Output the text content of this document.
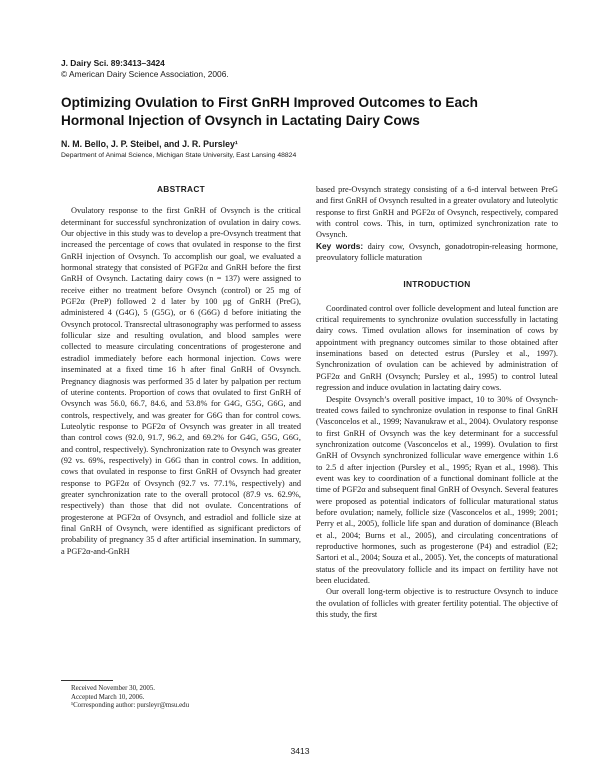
J. Dairy Sci. 89:3413–3424
© American Dairy Science Association, 2006.
Optimizing Ovulation to First GnRH Improved Outcomes to Each Hormonal Injection of Ovsynch in Lactating Dairy Cows
N. M. Bello, J. P. Steibel, and J. R. Pursley¹
Department of Animal Science, Michigan State University, East Lansing 48824
ABSTRACT

Ovulatory response to the first GnRH of Ovsynch is the critical determinant for successful synchronization of ovulation in dairy cows. Our objective in this study was to develop a pre-Ovsynch treatment that increased the percentage of cows that ovulated in response to the first GnRH injection of Ovsynch. To accomplish our goal, we evaluated a hormonal strategy that consisted of PGF2α and GnRH before the first GnRH of Ovsynch. Lactating dairy cows (n = 137) were assigned to receive either no treatment before Ovsynch (control) or 25 mg of PGF2α (PreP) followed 2 d later by 100 μg of GnRH (PreG), administered 4 (G4G), 5 (G5G), or 6 (G6G) d before initiating the Ovsynch protocol. Transrectal ultrasonography was performed to assess follicular size and resulting ovulation, and blood samples were collected to measure circulating concentrations of progesterone and estradiol immediately before each hormonal injection. Cows were inseminated at a fixed time 16 h after final GnRH of Ovsynch. Pregnancy diagnosis was performed 35 d later by palpation per rectum of uterine contents. Proportion of cows that ovulated to first GnRH of Ovsynch was 56.0, 66.7, 84.6, and 53.8% for G4G, G5G, G6G, and controls, respectively, and was greater for G6G than for control cows. Luteolytic response to PGF2α of Ovsynch was greater in all treated than control cows (92.0, 91.7, 96.2, and 69.2% for G4G, G5G, G6G, and control, respectively). Synchronization rate to Ovsynch was greater (92 vs. 69%, respectively) in G6G than in control cows. In addition, cows that ovulated in response to first GnRH of Ovsynch had greater response to PGF2α of Ovsynch (92.7 vs. 77.1%, respectively) and greater synchronization rate to the overall protocol (87.9 vs. 62.9%, respectively) than those that did not ovulate. Concentrations of progesterone at PGF2α of Ovsynch, and estradiol and follicle size at final GnRH of Ovsynch, were identified as significant predictors of probability of pregnancy 35 d after artificial insemination. In summary, a PGF2α-and-GnRH

based pre-Ovsynch strategy consisting of a 6-d interval between PreG and first GnRH of Ovsynch resulted in a greater ovulatory and luteolytic response to first GnRH and PGF2α of Ovsynch, respectively, compared with control cows. This, in turn, optimized synchronization rate to Ovsynch.

Key words: dairy cow, Ovsynch, gonadotropin-releasing hormone, preovulatory follicle maturation

INTRODUCTION

Coordinated control over follicle development and luteal function are critical requirements to synchronize ovulation successfully in lactating dairy cows. Timed ovulation allows for insemination of cows by appointment with pregnancy outcomes similar to those obtained after inseminations based on detected estrus (Pursley et al., 1997). Synchronization of ovulation can be achieved by administration of PGF2α and GnRH (Ovsynch; Pursley et al., 1995) to control luteal regression and induce ovulation in lactating dairy cows.

Despite Ovsynch’s overall positive impact, 10 to 30% of Ovsynch-treated cows failed to synchronize ovulation in response to final GnRH (Vasconcelos et al., 1999; Navanukraw et al., 2004). Ovulatory response to first GnRH of Ovsynch was the key determinant for a successful synchronization outcome (Vasconcelos et al., 1999). Ovulation to first GnRH of Ovsynch synchronized follicular wave emergence within 1.6 to 2.5 d after injection (Pursley et al., 1995; Ryan et al., 1998). This event was key to coordination of a functional dominant follicle at the time of PGF2α and subsequent final GnRH of Ovsynch. Several features were proposed as potential indicators of follicular maturational status before ovulation; namely, follicle size (Vasconcelos et al., 1999; 2001; Perry et al., 2005), follicle life span and duration of dominance (Bleach et al., 2004; Burns et al., 2005), and circulating concentrations of reproductive hormones, such as progesterone (P4) and estradiol (E2; Sartori et al., 2004; Souza et al., 2005). Yet, the concepts of maturational status of the preovulatory follicle and its impact on fertility have not been elucidated.

Our overall long-term objective is to restructure Ovsynch to induce the ovulation of follicles with greater fertility potential. The objective of this study, the first

Received November 30, 2005.
Accepted March 10, 2006.
¹Corresponding author: pursleyr@msu.edu
3413
